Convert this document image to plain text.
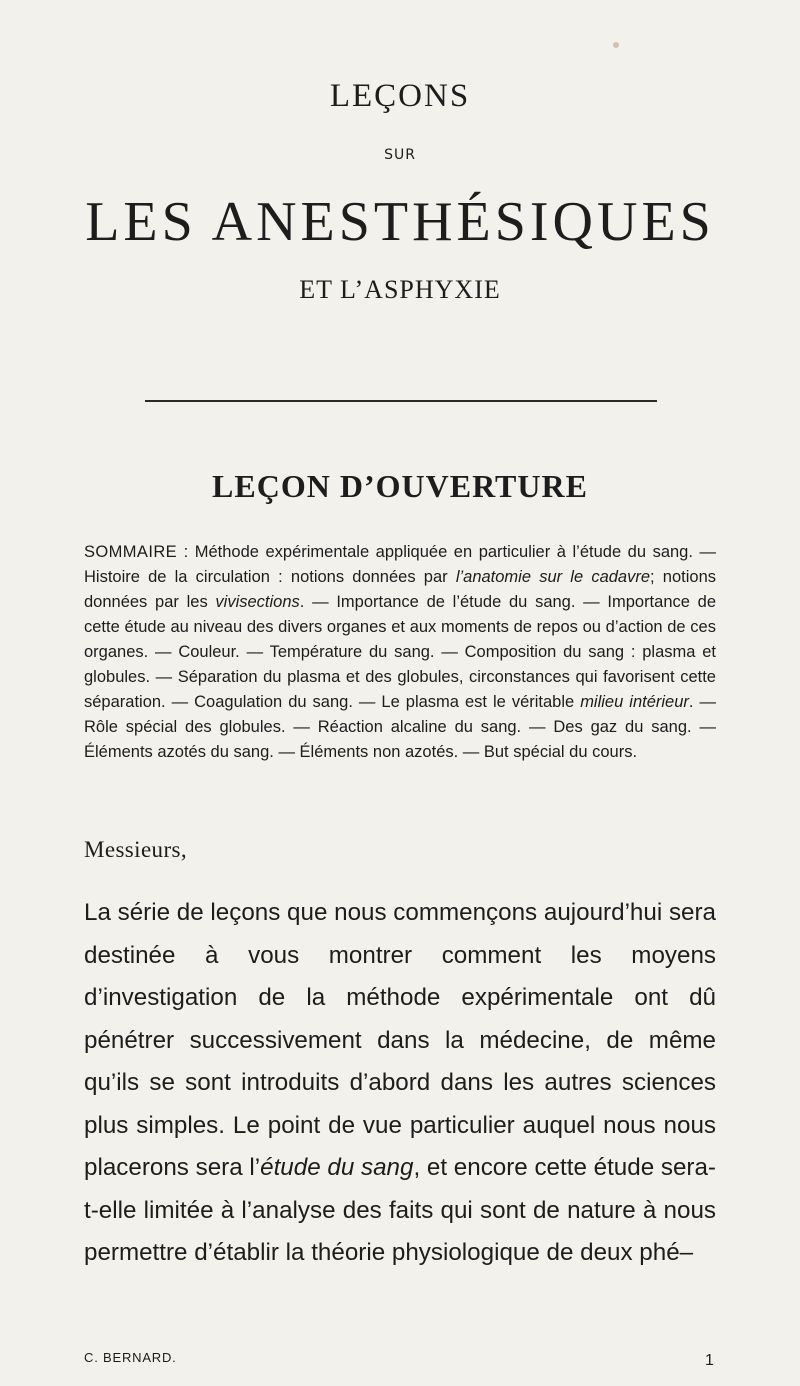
LEÇONS
SUR
LES ANESTHÉSIQUES
ET L’ASPHYXIE
LEÇON D’OUVERTURE
SOMMAIRE : Méthode expérimentale appliquée en particulier à l’étude du sang. — Histoire de la circulation : notions données par l’anatomie sur le cadavre; notions données par les vivisections. — Importance de l’étude du sang. — Importance de cette étude au niveau des divers organes et aux moments de repos ou d’action de ces organes. — Couleur. — Température du sang. — Composition du sang : plasma et globules. — Séparation du plasma et des globules, circonstances qui favorisent cette séparation. — Coagulation du sang. — Le plasma est le véritable milieu intérieur. — Rôle spécial des globules. — Réaction alcaline du sang. — Des gaz du sang. — Éléments azotés du sang. — Éléments non azotés. — But spécial du cours.
Messieurs,
La série de leçons que nous commençons aujourd’hui sera destinée à vous montrer comment les moyens d’investigation de la méthode expérimentale ont dû pénétrer successivement dans la médecine, de même qu’ils se sont introduits d’abord dans les autres sciences plus simples. Le point de vue particulier auquel nous nous placerons sera l’étude du sang, et encore cette étude sera-t-elle limitée à l’analyse des faits qui sont de nature à nous permettre d’établir la théorie physiologique de deux phé–
C. BERNARD.	1
